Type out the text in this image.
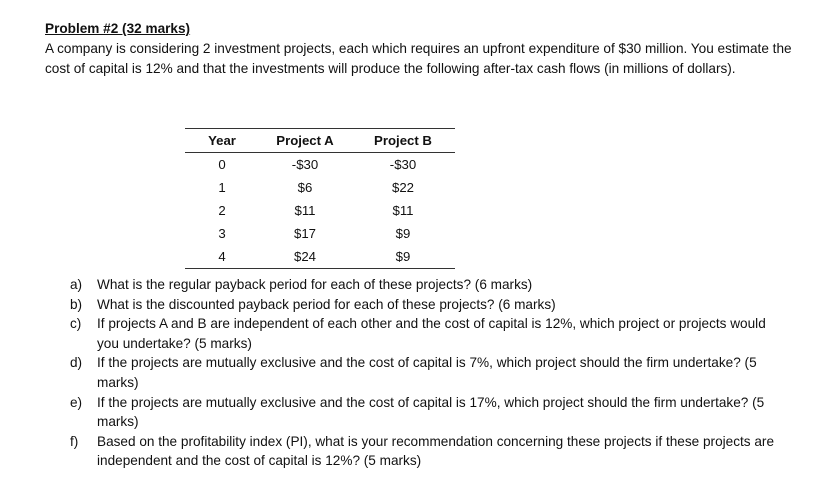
Problem #2 (32 marks)
A company is considering 2 investment projects, each which requires an upfront expenditure of $30 million. You estimate the cost of capital is 12% and that the investments will produce the following after-tax cash flows (in millions of dollars).
Year	Project A	Project B
0	-$30	-$30
1	$6	$22
2	$11	$11
3	$17	$9
4	$24	$9
a)	What is the regular payback period for each of these projects? (6 marks)
b)	What is the discounted payback period for each of these projects? (6 marks)
c)	If projects A and B are independent of each other and the cost of capital is 12%, which project or projects would you undertake? (5 marks)
d)	If the projects are mutually exclusive and the cost of capital is 7%, which project should the firm undertake? (5 marks)
e)	If the projects are mutually exclusive and the cost of capital is 17%, which project should the firm undertake? (5 marks)
f)	Based on the profitability index (PI), what is your recommendation concerning these projects if these projects are independent and the cost of capital is 12%? (5 marks)
